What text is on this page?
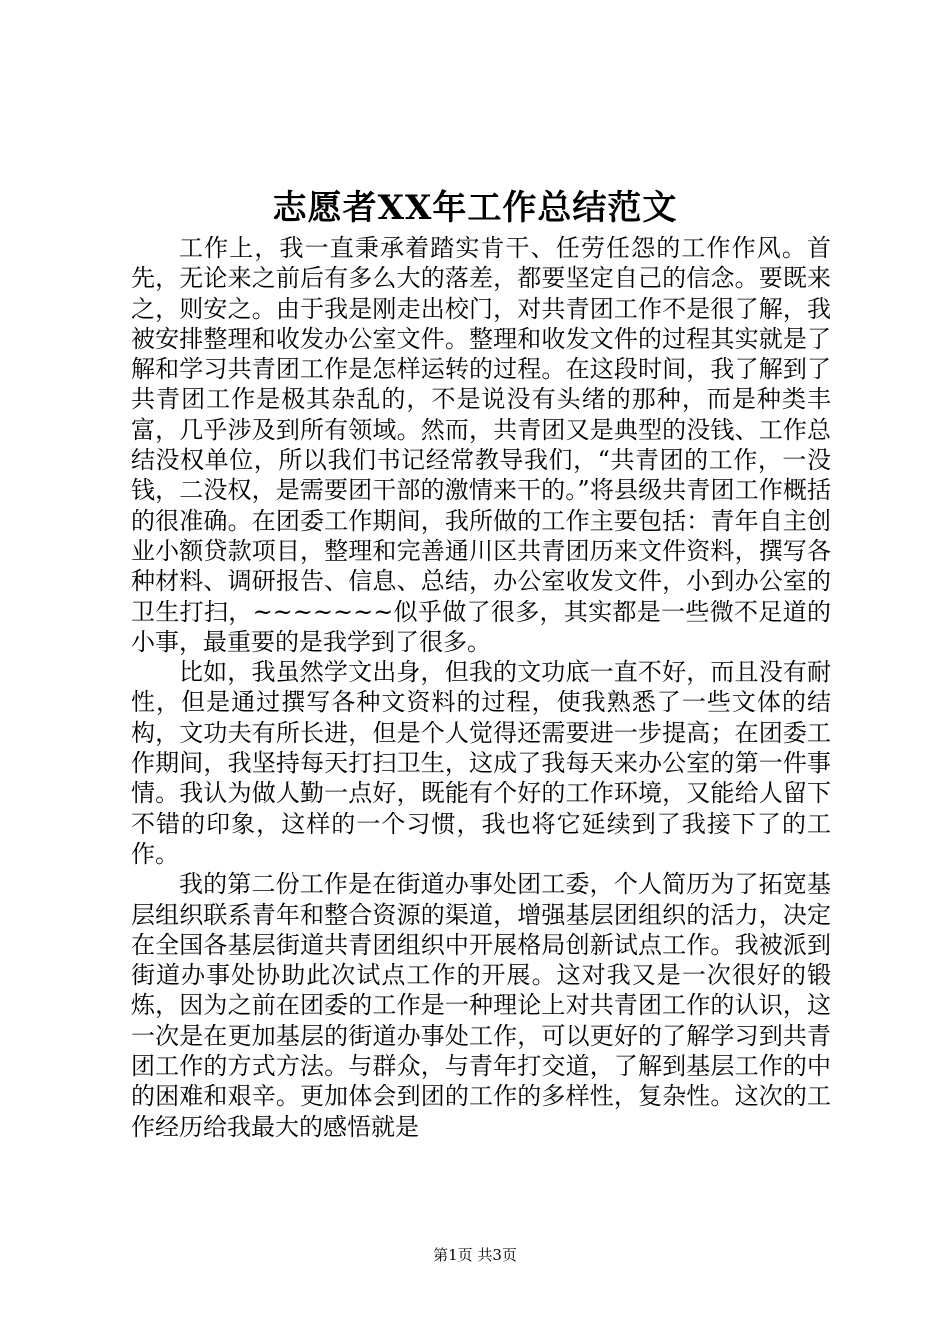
志愿者XX年工作总结范文

工作上，我一直秉承着踏实肯干、任劳任怨的工作作风。首先，无论来之前后有多么大的落差，都要坚定自己的信念。要既来之，则安之。由于我是刚走出校门，对共青团工作不是很了解，我被安排整理和收发办公室文件。整理和收发文件的过程其实就是了解和学习共青团工作是怎样运转的过程。在这段时间，我了解到了共青团工作是极其杂乱的，不是说没有头绪的那种，而是种类丰富，几乎涉及到所有领域。然而，共青团又是典型的没钱、工作总结没权单位，所以我们书记经常教导我们，“共青团的工作，一没钱，二没权，是需要团干部的激情来干的。”将县级共青团工作概括的很准确。在团委工作期间，我所做的工作主要包括：青年自主创业小额贷款项目，整理和完善通川区共青团历来文件资料，撰写各种材料、调研报告、信息、总结，办公室收发文件，小到办公室的卫生打扫，~~~~~~~似乎做了很多，其实都是一些微不足道的小事，最重要的是我学到了很多。

比如，我虽然学文出身，但我的文功底一直不好，而且没有耐性，但是通过撰写各种文资料的过程，使我熟悉了一些文体的结构，文功夫有所长进，但是个人觉得还需要进一步提高；在团委工作期间，我坚持每天打扫卫生，这成了我每天来办公室的第一件事情。我认为做人勤一点好，既能有个好的工作环境，又能给人留下不错的印象，这样的一个习惯，我也将它延续到了我接下了的工作。

我的第二份工作是在街道办事处团工委，个人简历为了拓宽基层组织联系青年和整合资源的渠道，增强基层团组织的活力，决定在全国各基层街道共青团组织中开展格局创新试点工作。我被派到街道办事处协助此次试点工作的开展。这对我又是一次很好的锻炼，因为之前在团委的工作是一种理论上对共青团工作的认识，这一次是在更加基层的街道办事处工作，可以更好的了解学习到共青团工作的方式方法。与群众，与青年打交道，了解到基层工作的中的困难和艰辛。更加体会到团的工作的多样性，复杂性。这次的工作经历给我最大的感悟就是

第1页 共3页
